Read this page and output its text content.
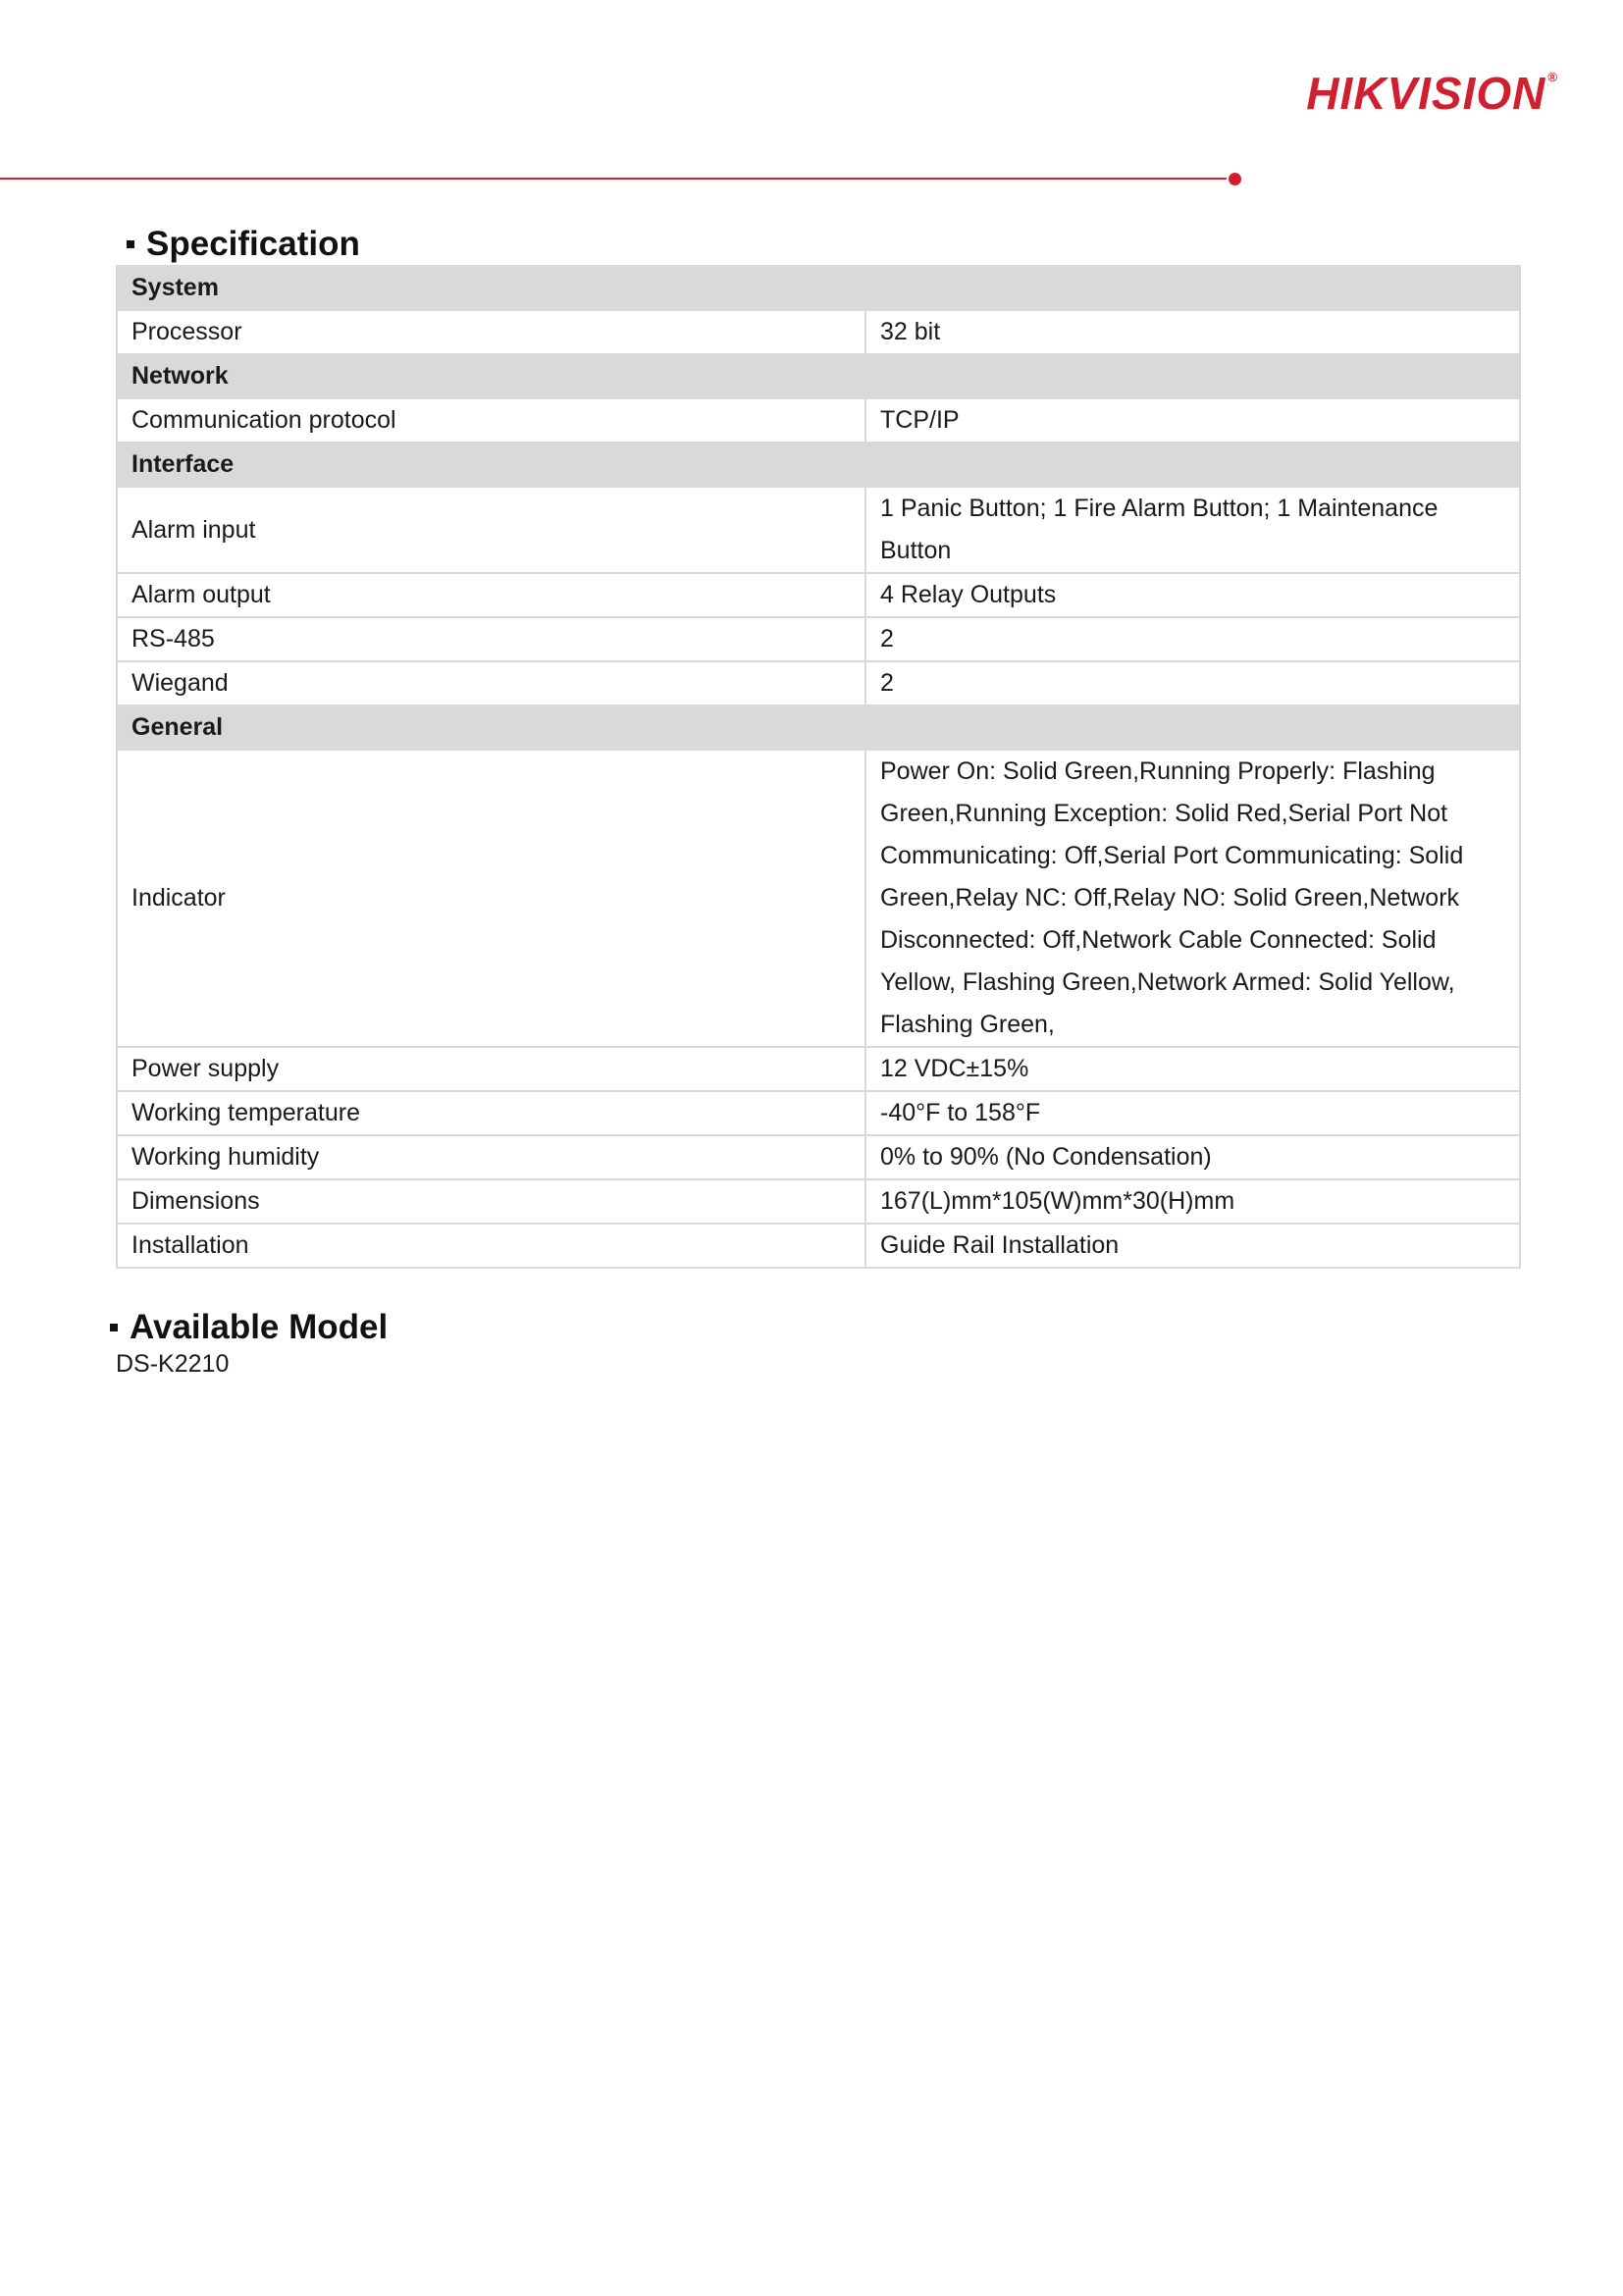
HIKVISION ®
Specification
System	
Processor	32 bit
Network	
Communication protocol	TCP/IP
Interface	
Alarm input	1 Panic Button; 1 Fire Alarm Button; 1 Maintenance Button
Alarm output	4 Relay Outputs
RS-485	2
Wiegand	2
General	
Indicator	Power On: Solid Green,Running Properly: Flashing Green,Running Exception: Solid Red,Serial Port Not Communicating: Off,Serial Port Communicating: Solid Green,Relay NC: Off,Relay NO: Solid Green,Network Disconnected: Off,Network Cable Connected: Solid Yellow, Flashing Green,Network Armed: Solid Yellow, Flashing Green,
Power supply	12 VDC±15%
Working temperature	-40°F to 158°F
Working humidity	0% to 90% (No Condensation)
Dimensions	167(L)mm*105(W)mm*30(H)mm
Installation	Guide Rail Installation
Available Model
DS-K2210
